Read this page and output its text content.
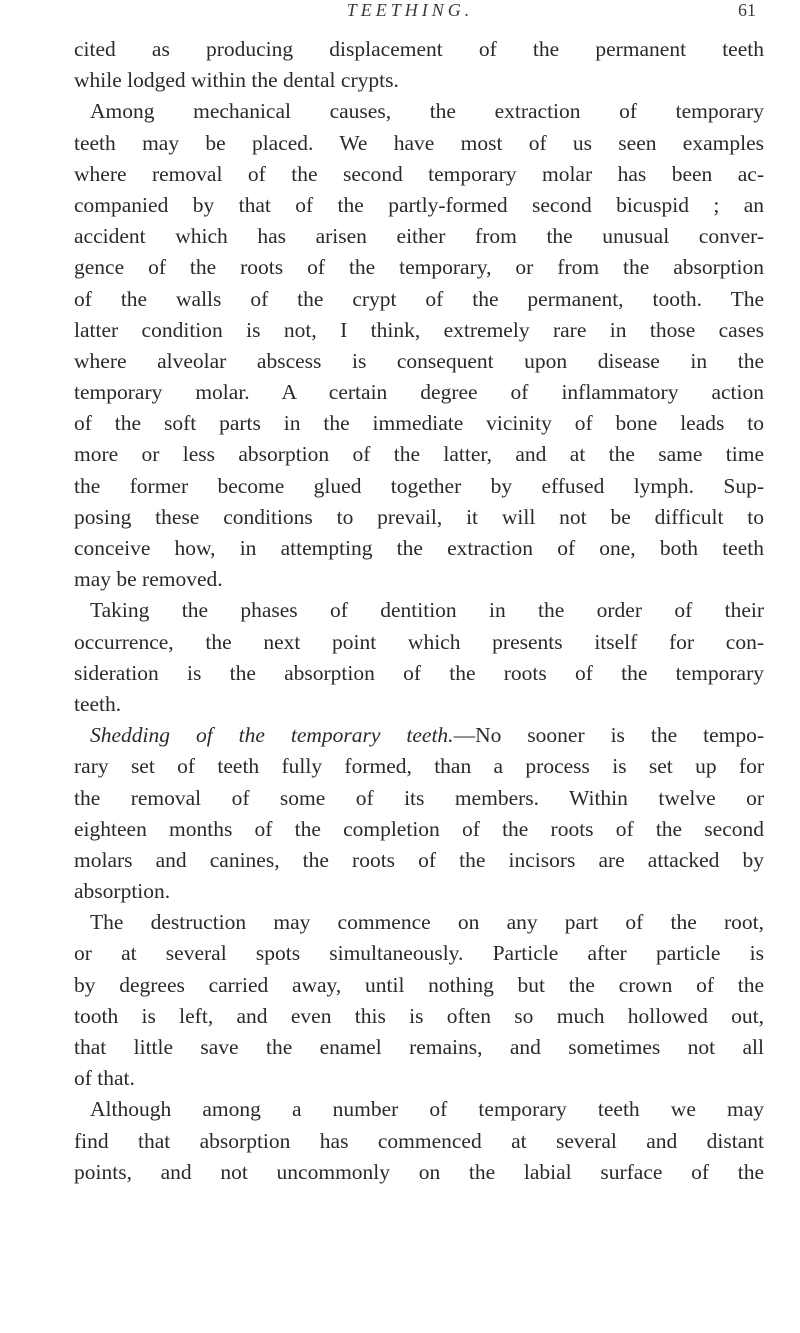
TEETHING.	61
cited as producing displacement of the permanent teeth
while lodged within the dental crypts.
Among mechanical causes, the extraction of temporary
teeth may be placed. We have most of us seen examples
where removal of the second temporary molar has been ac-
companied by that of the partly-formed second bicuspid ; an
accident which has arisen either from the unusual conver-
gence of the roots of the temporary, or from the absorption
of the walls of the crypt of the permanent, tooth. The
latter condition is not, I think, extremely rare in those cases
where alveolar abscess is consequent upon disease in the
temporary molar. A certain degree of inflammatory action
of the soft parts in the immediate vicinity of bone leads to
more or less absorption of the latter, and at the same time
the former become glued together by effused lymph. Sup-
posing these conditions to prevail, it will not be difficult to
conceive how, in attempting the extraction of one, both teeth
may be removed.
Taking the phases of dentition in the order of their
occurrence, the next point which presents itself for con-
sideration is the absorption of the roots of the temporary
teeth.
Shedding of the temporary teeth.—No sooner is the tempo-
rary set of teeth fully formed, than a process is set up for
the removal of some of its members. Within twelve or
eighteen months of the completion of the roots of the second
molars and canines, the roots of the incisors are attacked by
absorption.
The destruction may commence on any part of the root,
or at several spots simultaneously. Particle after particle is
by degrees carried away, until nothing but the crown of the
tooth is left, and even this is often so much hollowed out,
that little save the enamel remains, and sometimes not all
of that.
Although among a number of temporary teeth we may
find that absorption has commenced at several and distant
points, and not uncommonly on the labial surface of the
